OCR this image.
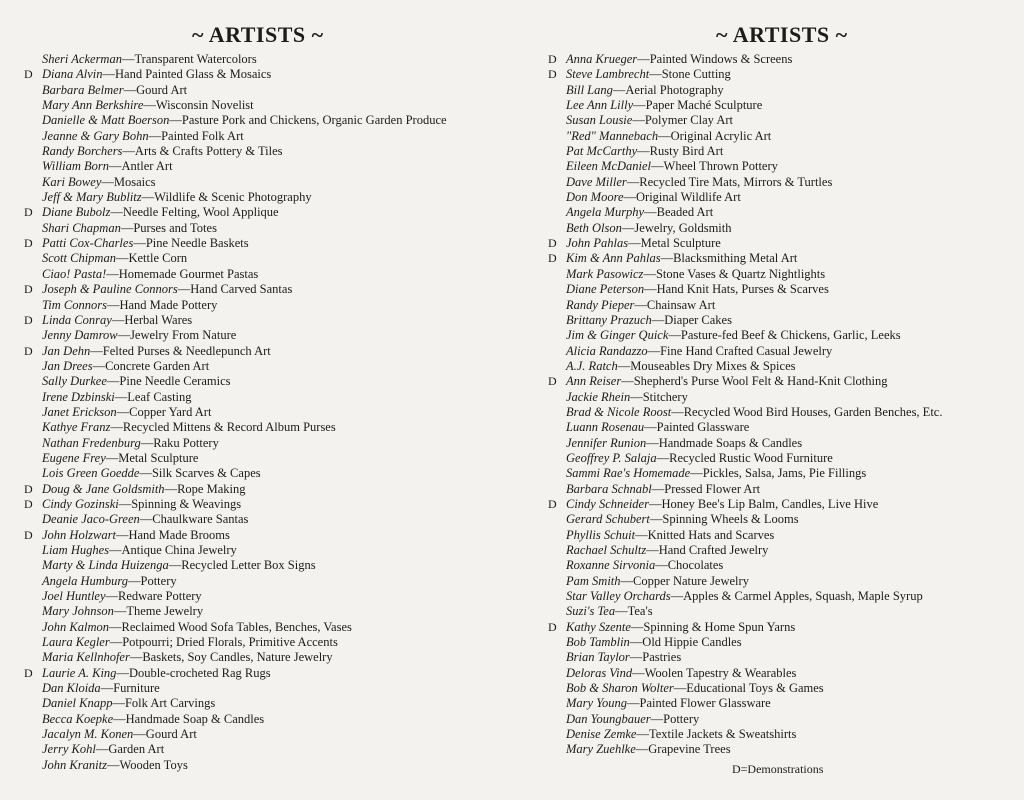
~ ARTISTS ~
Sheri Ackerman — Transparent Watercolors
D Diana Alvin — Hand Painted Glass & Mosaics
Barbara Belmer — Gourd Art
Mary Ann Berkshire — Wisconsin Novelist
Danielle & Matt Boerson — Pasture Pork and Chickens, Organic Garden Produce
Jeanne & Gary Bohn — Painted Folk Art
Randy Borchers — Arts & Crafts Pottery & Tiles
William Born — Antler Art
Kari Bowey — Mosaics
Jeff & Mary Bublitz — Wildlife & Scenic Photography
D Diane Bubolz — Needle Felting, Wool Applique
Shari Chapman — Purses and Totes
D Patti Cox-Charles — Pine Needle Baskets
Scott Chipman — Kettle Corn
Ciao! Pasta! — Homemade Gourmet Pastas
D Joseph & Pauline Connors — Hand Carved Santas
Tim Connors — Hand Made Pottery
D Linda Conray — Herbal Wares
Jenny Damrow — Jewelry From Nature
D Jan Dehn — Felted Purses & Needlepunch Art
Jan Drees — Concrete Garden Art
Sally Durkee — Pine Needle Ceramics
Irene Dzbinski — Leaf Casting
Janet Erickson — Copper Yard Art
Kathye Franz — Recycled Mittens & Record Album Purses
Nathan Fredenburg — Raku Pottery
Eugene Frey — Metal Sculpture
Lois Green Goedde — Silk Scarves & Capes
D Doug & Jane Goldsmith — Rope Making
D Cindy Gozinski — Spinning & Weavings
Deanie Jaco-Green — Chaulkware Santas
D John Holzwart — Hand Made Brooms
Liam Hughes — Antique China Jewelry
Marty & Linda Huizenga — Recycled Letter Box Signs
Angela Humburg — Pottery
Joel Huntley — Redware Pottery
Mary Johnson — Theme Jewelry
John Kalmon — Reclaimed Wood Sofa Tables, Benches, Vases
Laura Kegler — Potpourri; Dried Florals, Primitive Accents
Maria Kellnhofer — Baskets, Soy Candles, Nature Jewelry
D Laurie A. King — Double-crocheted Rag Rugs
Dan Kloida — Furniture
Daniel Knapp — Folk Art Carvings
Becca Koepke — Handmade Soap & Candles
Jacalyn M. Konen — Gourd Art
Jerry Kohl — Garden Art
John Kranitz — Wooden Toys
~ ARTISTS ~
D Anna Krueger — Painted Windows & Screens
D Steve Lambrecht — Stone Cutting
Bill Lang — Aerial Photography
Lee Ann Lilly — Paper Maché Sculpture
Susan Lousie — Polymer Clay Art
"Red" Mannebach — Original Acrylic Art
Pat McCarthy — Rusty Bird Art
Eileen McDaniel — Wheel Thrown Pottery
Dave Miller — Recycled Tire Mats, Mirrors & Turtles
Don Moore — Original Wildlife Art
Angela Murphy — Beaded Art
Beth Olson — Jewelry, Goldsmith
D John Pahlas — Metal Sculpture
D Kim & Ann Pahlas — Blacksmithing Metal Art
Mark Pasowicz — Stone Vases & Quartz Nightlights
Diane Peterson — Hand Knit Hats, Purses & Scarves
Randy Pieper — Chainsaw Art
Brittany Prazuch — Diaper Cakes
Jim & Ginger Quick — Pasture-fed Beef & Chickens, Garlic, Leeks
Alicia Randazzo — Fine Hand Crafted Casual Jewelry
A.J. Ratch — Mouseables Dry Mixes & Spices
D Ann Reiser — Shepherd's Purse Wool Felt & Hand-Knit Clothing
Jackie Rhein — Stitchery
Brad & Nicole Roost — Recycled Wood Bird Houses, Garden Benches, Etc.
Luann Rosenau — Painted Glassware
Jennifer Runion — Handmade Soaps & Candles
Geoffrey P. Salaja — Recycled Rustic Wood Furniture
Sammi Rae's Homemade — Pickles, Salsa, Jams, Pie Fillings
Barbara Schnabl — Pressed Flower Art
D Cindy Schneider — Honey Bee's Lip Balm, Candles, Live Hive
Gerard Schubert — Spinning Wheels & Looms
Phyllis Schuit — Knitted Hats and Scarves
Rachael Schultz — Hand Crafted Jewelry
Roxanne Sirvonia — Chocolates
Pam Smith — Copper Nature Jewelry
Star Valley Orchards — Apples & Carmel Apples, Squash, Maple Syrup
Suzi's Tea — Tea's
D Kathy Szente — Spinning & Home Spun Yarns
Bob Tamblin — Old Hippie Candles
Brian Taylor — Pastries
Deloras Vind — Woolen Tapestry & Wearables
Bob & Sharon Wolter — Educational Toys & Games
Mary Young — Painted Flower Glassware
Dan Youngbauer — Pottery
Denise Zemke — Textile Jackets & Sweatshirts
Mary Zuehlke — Grapevine Trees
D=Demonstrations
